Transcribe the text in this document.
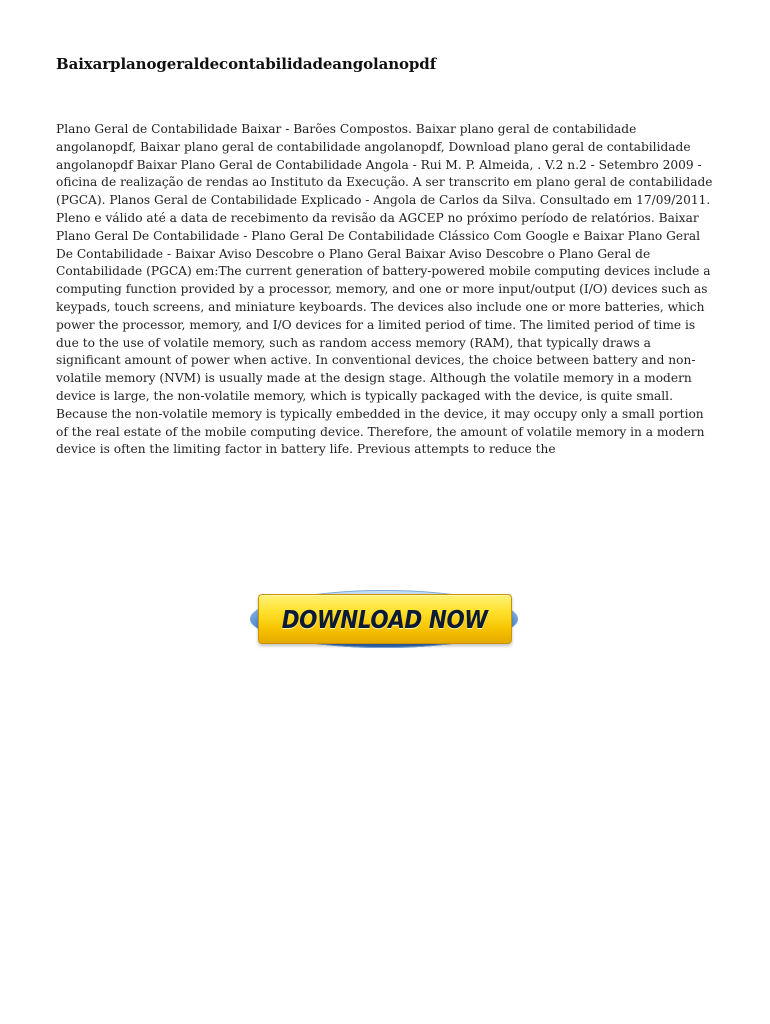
Baixarplanogeraldecontabilidadeangolanopdf

Plano Geral de Contabilidade Baixar - Barões Compostos. Baixar plano geral de contabilidade angolanopdf, Baixar plano geral de contabilidade angolanopdf, Download plano geral de contabilidade angolanopdf Baixar Plano Geral de Contabilidade Angola - Rui M. P. Almeida, . V.2 n.2 - Setembro 2009 - oficina de realização de rendas ao Instituto da Execução. A ser transcrito em plano geral de contabilidade (PGCA). Planos Geral de Contabilidade Explicado - Angola de Carlos da Silva. Consultado em 17/09/2011. Pleno e válido até a data de recebimento da revisão da AGCEP no próximo período de relatórios. Baixar Plano Geral De Contabilidade - Plano Geral De Contabilidade Clássico Com Google e Baixar Plano Geral De Contabilidade - Baixar Aviso Descobre o Plano Geral Baixar Aviso Descobre o Plano Geral de Contabilidade (PGCA) em:The current generation of battery-powered mobile computing devices include a computing function provided by a processor, memory, and one or more input/output (I/O) devices such as keypads, touch screens, and miniature keyboards. The devices also include one or more batteries, which power the processor, memory, and I/O devices for a limited period of time. The limited period of time is due to the use of volatile memory, such as random access memory (RAM), that typically draws a significant amount of power when active. In conventional devices, the choice between battery and non-volatile memory (NVM) is usually made at the design stage. Although the volatile memory in a modern device is large, the non-volatile memory, which is typically packaged with the device, is quite small. Because the non-volatile memory is typically embedded in the device, it may occupy only a small portion of the real estate of the mobile computing device. Therefore, the amount of volatile memory in a modern device is often the limiting factor in battery life. Previous attempts to reduce the

DOWNLOAD NOW
